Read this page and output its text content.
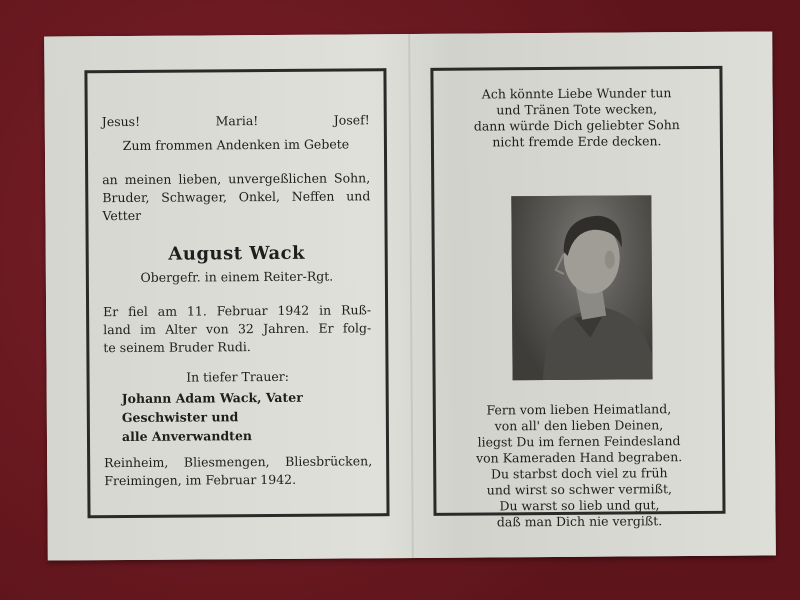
Jesus!	Maria!	Josef!
Zum frommen Andenken im Gebete
an meinen lieben, unvergeßlichen Sohn,
Bruder, Schwager, Onkel, Neffen und
Vetter
August Wack
Obergefr. in einem Reiter-Rgt.
Er fiel am 11. Februar 1942 in Ruß-
land im Alter von 32 Jahren. Er folg-
te seinem Bruder Rudi.
In tiefer Trauer:
Johann Adam Wack, Vater
Geschwister und
alle Anverwandten
Reinheim, Bliesmengen, Bliesbrücken,
Freimingen, im Februar 1942.
Ach könnte Liebe Wunder tun
und Tränen Tote wecken,
dann würde Dich geliebter Sohn
nicht fremde Erde decken.
Fern vom lieben Heimatland,
von all' den lieben Deinen,
liegst Du im fernen Feindesland
von Kameraden Hand begraben.
Du starbst doch viel zu früh
und wirst so schwer vermißt,
Du warst so lieb und gut,
daß man Dich nie vergißt.
